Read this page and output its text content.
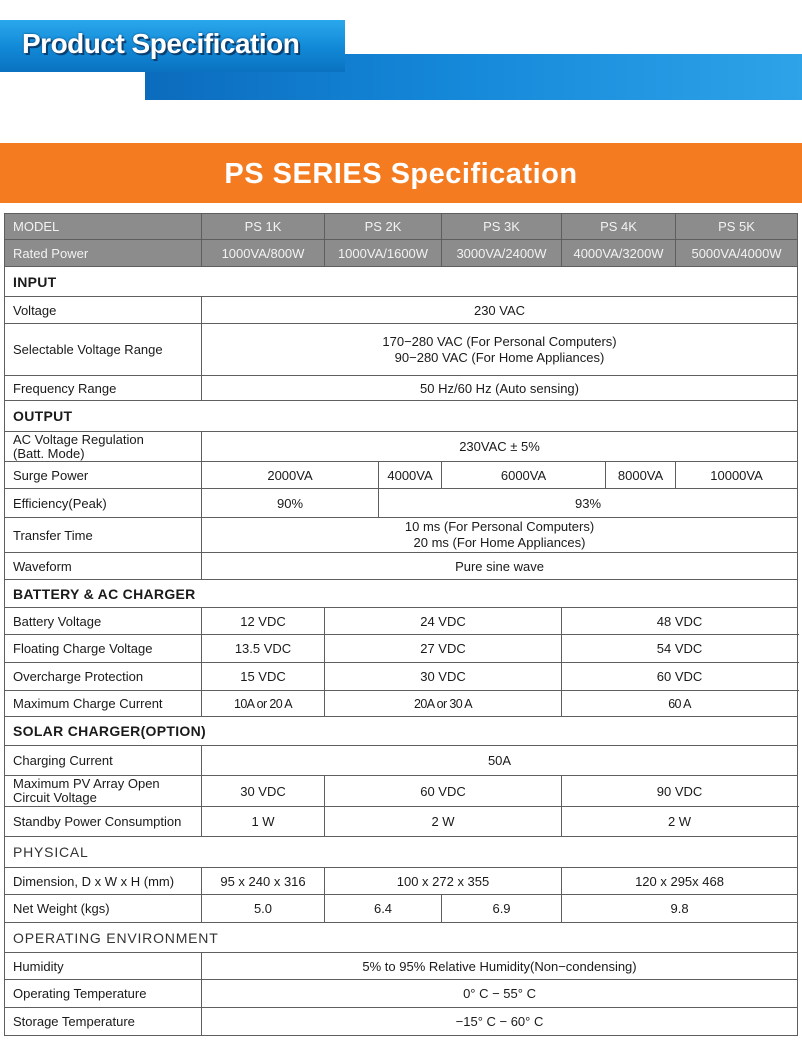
Product Specification
PS SERIES Specification
MODEL	PS 1K	PS 2K		PS 3K	PS 4K		PS 5K	
Rated Power	1000VA/800W	1000VA/1600W		3000VA/2400W	4000VA/3200W		5000VA/4000W	
INPUT								
Voltage	230 VAC							
Selectable Voltage Range	170−280 VAC (For Personal Computers)
90−280 VAC (For Home Appliances)							

Frequency Range	50 Hz/60 Hz (Auto sensing)							
OUTPUT								

AC Voltage Regulation
(Batt. Mode)	230VAC ± 5%							
Surge Power	2000VA		4000VA	6000VA		8000VA	10000VA	
Efficiency(Peak)	90%		93%					
Transfer Time	10 ms (For Personal Computers)
20 ms (For Home Appliances)							

Waveform	Pure sine wave							
BATTERY & AC CHARGER								
Battery Voltage	12 VDC	24 VDC			48 VDC			
Floating Charge Voltage	13.5 VDC	27 VDC			54 VDC			
Overcharge Protection	15 VDC	30 VDC			60 VDC			
Maximum Charge Current	10A or 20 A	20A or 30 A			60 A			
SOLAR CHARGER(OPTION)								
Charging Current	50A							

Maximum PV Array Open
Circuit Voltage	30 VDC	60 VDC			90 VDC			
Standby Power Consumption	1 W	2 W			2 W			
PHYSICAL								
Dimension, D x W x H (mm)	95 x 240 x 316	100 x 272 x 355			120 x 295x 468			
Net Weight (kgs)	5.0	6.4		6.9	9.8	
OPERATING ENVIRONMENT								
Humidity	5% to 95% Relative Humidity(Non−condensing)							
Operating Temperature	0° C − 55° C							
Storage Temperature	−15° C − 60° C							
